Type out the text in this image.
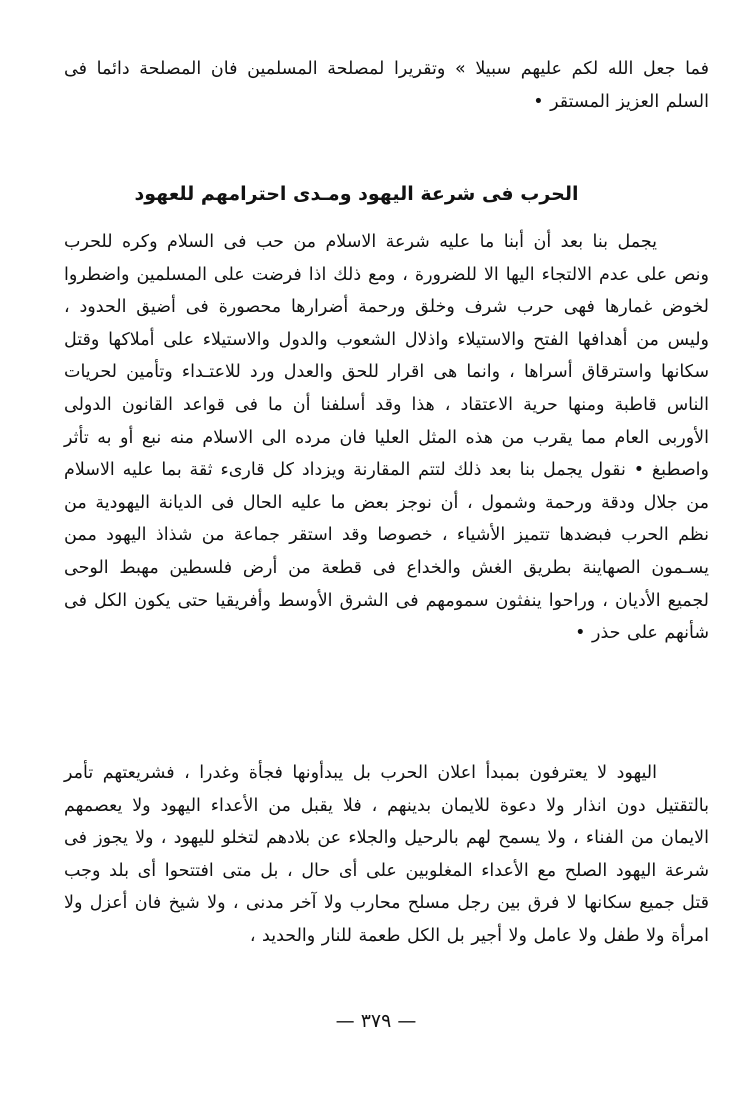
فما جعل الله لكم عليهم سبيلا » وتقريرا لمصلحة المسلمين فان المصلحة دائما فى السلم العزيز المستقر •

الحرب فى شرعة اليهود ومـدى احترامهم للعهود

يجمل بنا بعد أن أبنا ما عليه شرعة الاسلام من حب فى السلام وكره للحرب ونص على عدم الالتجاء اليها الا للضرورة ، ومع ذلك اذا فرضت على المسلمين واضطروا لخوض غمارها فهى حرب شرف وخلق ورحمة أضرارها محصورة فى أضيق الحدود ، وليس من أهدافها الفتح والاستيلاء واذلال الشعوب والدول والاستيلاء على أملاكها وقتل سكانها واسترقاق أسراها ، وانما هى اقرار للحق والعدل ورد للاعتـداء وتأمين لحريات الناس قاطبة ومنها حرية الاعتقاد ، هذا وقد أسلفنا أن ما فى قواعد القانون الدولى الأوربى العام مما يقرب من هذه المثل العليا فان مرده الى الاسلام منه نبع أو به تأثر واصطبغ • نقول يجمل بنا بعد ذلك لتتم المقارنة ويزداد كل قارىء ثقة بما عليه الاسلام من جلال ودقة ورحمة وشمول ، أن نوجز بعض ما عليه الحال فى الديانة اليهودية من نظم الحرب فبضدها تتميز الأشياء ، خصوصا وقد استقر جماعة من شذاذ اليهود ممن يسـمون الصهاينة بطريق الغش والخداع فى قطعة من أرض فلسطين مهبط الوحى لجميع الأديان ، وراحوا ينفثون سمومهم فى الشرق الأوسط وأفريقيا حتى يكون الكل فى شأنهم على حذر •

اليهود لا يعترفون بمبدأ اعلان الحرب بل يبدأونها فجأة وغدرا ، فشريعتهم تأمر بالتقتيل دون انذار ولا دعوة للايمان بدينهم ، فلا يقبل من الأعداء اليهود ولا يعصمهم الايمان من الفناء ، ولا يسمح لهم بالرحيل والجلاء عن بلادهم لتخلو لليهود ، ولا يجوز فى شرعة اليهود الصلح مع الأعداء المغلوبين على أى حال ، بل متى افتتحوا أى بلد وجب قتل جميع سكانها لا فرق بين رجل مسلح محارب ولا آخر مدنى ، ولا شيخ فان أعزل ولا امرأة ولا طفل ولا عامل ولا أجير بل الكل طعمة للنار والحديد ،

— ٣٧٩ —
